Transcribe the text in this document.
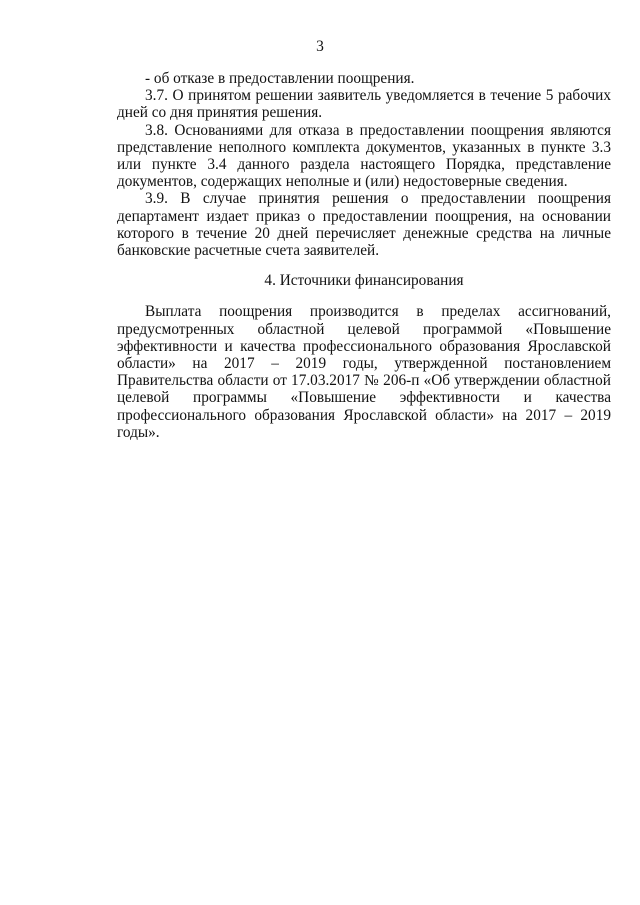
3

- об отказе в предоставлении поощрения.

3.7. О принятом решении заявитель уведомляется в течение 5 рабочих дней со дня принятия решения.

3.8. Основаниями для отказа в предоставлении поощрения являются представление неполного комплекта документов, указанных в пункте 3.3 или пункте 3.4 данного раздела настоящего Порядка, представление документов, содержащих неполные и (или) недостоверные сведения.

3.9. В случае принятия решения о предоставлении поощрения департамент издает приказ о предоставлении поощрения, на основании которого в течение 20 дней перечисляет денежные средства на личные банковские расчетные счета заявителей.

4. Источники финансирования

Выплата поощрения производится в пределах ассигнований, предусмотренных областной целевой программой «Повышение эффективности и качества профессионального образования Ярославской области» на 2017 – 2019 годы, утвержденной постановлением Правительства области от 17.03.2017 № 206-п «Об утверждении областной целевой программы «Повышение эффективности и качества профессионального образования Ярославской области» на 2017 – 2019 годы».
